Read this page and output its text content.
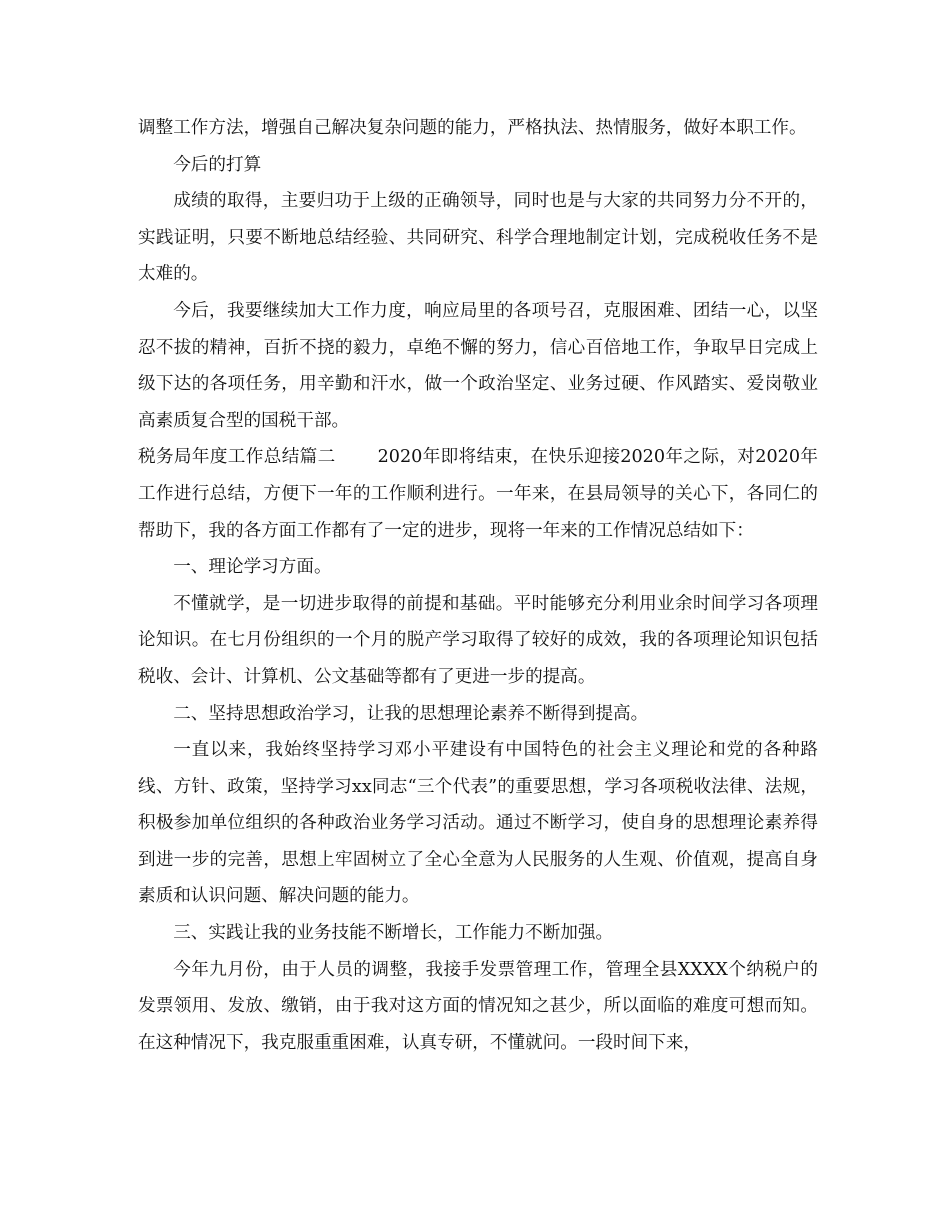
调整工作方法，增强自己解决复杂问题的能力，严格执法、热情服务，做好本职工作。

今后的打算

成绩的取得，主要归功于上级的正确领导，同时也是与大家的共同努力分不开的，实践证明，只要不断地总结经验、共同研究、科学合理地制定计划，完成税收任务不是太难的。

今后，我要继续加大工作力度，响应局里的各项号召，克服困难、团结一心，以坚忍不拔的精神，百折不挠的毅力，卓绝不懈的努力，信心百倍地工作，争取早日完成上级下达的各项任务，用辛勤和汗水，做一个政治坚定、业务过硬、作风踏实、爱岗敬业高素质复合型的国税干部。

税务局年度工作总结篇二 2020年即将结束，在快乐迎接2020年之际，对2020年工作进行总结，方便下一年的工作顺利进行。一年来，在县局领导的关心下，各同仁的帮助下，我的各方面工作都有了一定的进步，现将一年来的工作情况总结如下：

一、理论学习方面。

不懂就学，是一切进步取得的前提和基础。平时能够充分利用业余时间学习各项理论知识。在七月份组织的一个月的脱产学习取得了较好的成效，我的各项理论知识包括税收、会计、计算机、公文基础等都有了更进一步的提高。

二、坚持思想政治学习，让我的思想理论素养不断得到提高。

一直以来，我始终坚持学习邓小平建设有中国特色的社会主义理论和党的各种路线、方针、政策，坚持学习xx同志“三个代表”的重要思想，学习各项税收法律、法规，积极参加单位组织的各种政治业务学习活动。通过不断学习，使自身的思想理论素养得到进一步的完善，思想上牢固树立了全心全意为人民服务的人生观、价值观，提高自身素质和认识问题、解决问题的能力。

三、实践让我的业务技能不断增长，工作能力不断加强。

今年九月份，由于人员的调整，我接手发票管理工作，管理全县XXXX个纳税户的发票领用、发放、缴销，由于我对这方面的情况知之甚少，所以面临的难度可想而知。在这种情况下，我克服重重困难，认真专研，不懂就问。一段时间下来，
